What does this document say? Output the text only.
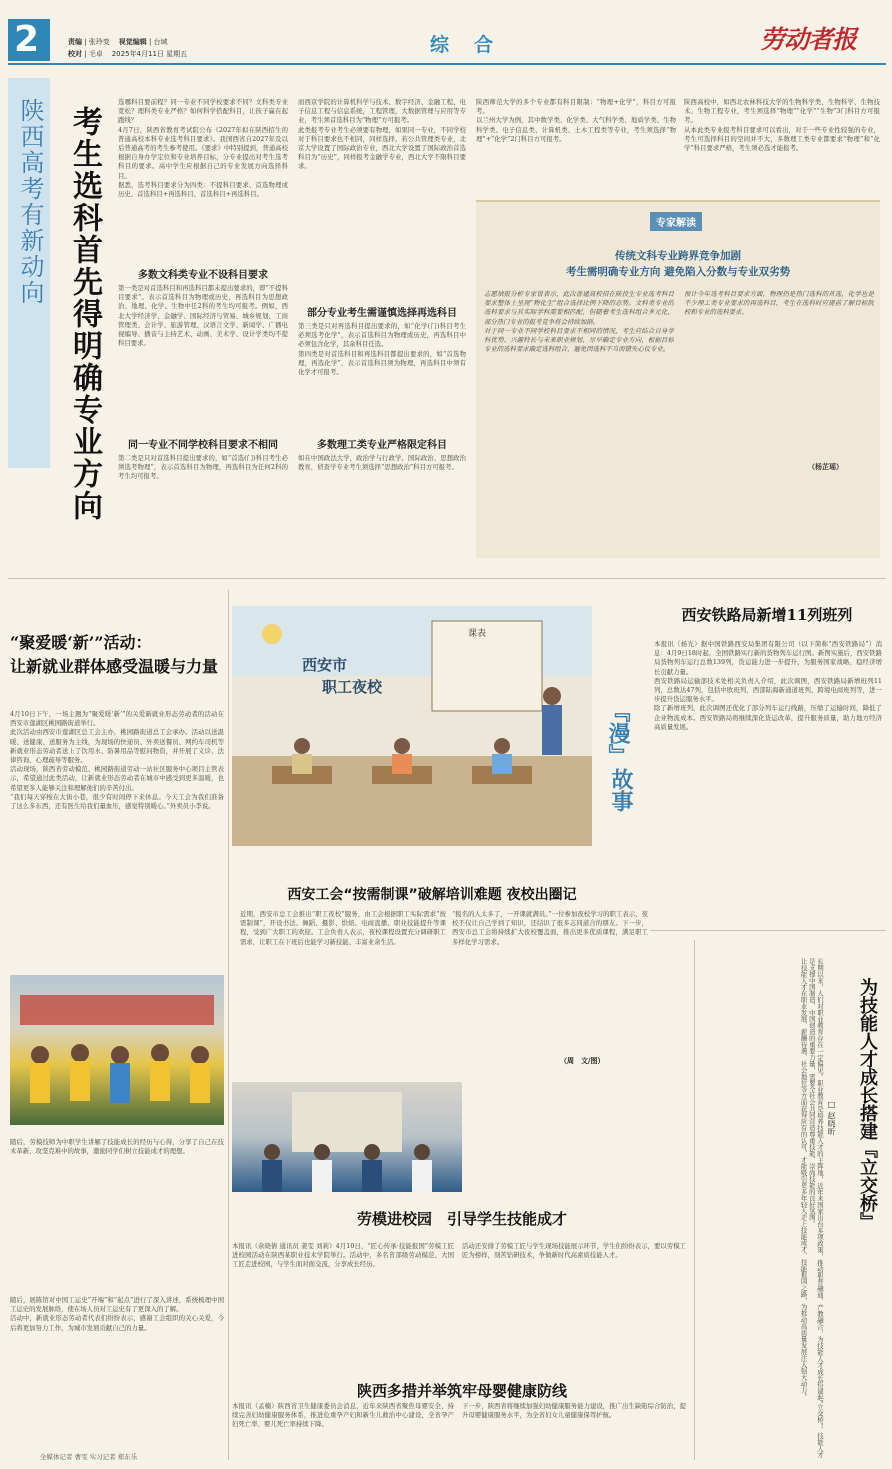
2	责编 | 张玲变 视觉编辑 | 台域
校对 | 毛卓 2025年4月11日 星期五	综　合	劳动者报
陕西高考有新动向 考生选科首先得明确专业方向

选哪科目要前程？同一专业不同学校要求不同？文科类专业宽松？理科类专业严格？如何科学搭配科目，让孩子赢在起跑线？

4月7日，陕西省教育考试院公布《2027年拟在陕西招生的普通高校本科专业选考科目要求》。我国西省自2027年及以后普通高考的考生参考使用。《要求》中特别提到，普通高校根据自身办学定位和专业培养目标，分专业提出对考生选考科目的要求。高中学生应根据自己的专业发展方向选择科目。

据悉，选考科目要求分为四类：不提科目要求、首选物理或历史、首选科目+再选科目、首选科目+再选科目。

多数文科类专业不设科目要求

第一类是对首选科目和再选科目都未提出要求的，即“不提科目要求”。表示首选科目为物理或历史，再选科目为思想政治、地理、化学、生物中任2科的考生均可报考。例如，西北大学经济学、金融学、国际经济与贸易、城乡规划、工商管理类、会计学、旅游管理、汉语言文学、新闻学、广播电视编导、播音与主持艺术、动画、美术学、设计学类均不提科目要求。

同一专业不同学校科目要求不相同

第二类是只对首选科目提出要求的，如“首选(门)科目考生必须选考物理”，表示首选科目为物理，再选科目为任何2科的考生均可报考。

而西京学院的计算机科学与技术、数字经济、金融工程、电子信息工程与信息系统，工程管理，大数据管理与应用等专业，考生须首选科目为“物理”方可报考。

此类报考专业考生必须要有物理，如果同一专业，不同学校对于科目要求也不相同，同样选择，若公共管理类专业，北京大学设置了国际政治专业，西北大学设置了国际政治首选科目为“历史”，同样报考金融学专业，西北大学不限科目要求。

部分专业考生需谨慎选择再选科目

第三类是只对再选科目提出要求的，如“化学(门)科目考生必须选考化学”，表示首选科目为物理或历史，再选科目中必须包含化学，其余科目任选。

第四类是对首选科目和再选科目都提出要求的，如“首选物理，再选化学”，表示首选科目须为物理，再选科目中须有化学才可报考。

多数理工类专业严格限定科目

如在中国政法大学，政治学与行政学、国际政治、思想政治教育，侦查学专业考生须选择“思想政治”科目方可报考。

陕西师范大学的多个专业都有科目限制：“物理+化学”，科目方可报考。

以兰州大学为例，其中数学类、化学类、大气科学类、地质学类、生物科学类、电子信息类、计算机类、土木工程类等专业，考生须选择“物理”+“化学”2门科目方可报考。

陕西高校中，如西北农林科技大学的生物科学类、生物科学、生物技术、生物工程专业，考生须选择“物理”“化学”“生物”3门科目方可报考。

从本此类专业报考科目要求可以看出，对于一些专业性较强的专业，考生可选择科目的空间并不大，多数理工类专业都要求“物理”和“化学”科目要求严格，考生须必选才能报考。

专家解读
传统文科专业跨界竞争加剧
考生需明确专业方向 避免陷入分数与专业双劣势

志愿填报分析专家曾表示，此次普通高校招在陕投生专业选考科目要求整体上呈现“物化生”组合选择比例下降的态势。文科类专业的选科要求与其实际学科需要相匹配，但随着考生选科组合多元化，部分热门专业的报考竞争将会持续加剧。

对于同一专业不同学校科目要求不相同的情况，考生应结合自身学科优势、兴趣特长与未来职业规划，尽早确定专业方向，根据目标专业的选科要求确定选科组合，避免因选科不当而错失心仪专业。

预计今年选考科目要求方面，物理仍是热门选科的首选，化学也是不少理工类专业要求的再选科目，考生在选科时应提前了解目标院校和专业的选科要求。

（杨芷瑶）
“聚爱暖‘新’”活动：
让新就业群体感受温暖与力量

4月10日下午，一场主题为“聚爱暖‘新’”的关爱新就业形态劳动者的活动在西安市莲湖区桃园路街道举行。

此次活动由西安市莲湖区总工会主办，桃园路街道总工会承办。活动以送温暖、送健康、送服务为主线，为现场的快递员、外卖送餐员、网约车司机等新就业形态劳动者送上了饮用水、防暑用品等慰问物资，并开展了义诊、法律咨询、心理疏导等服务。

活动现场，陕西省劳动模范、桃园路街道劳动一站社区服务中心项目主管表示，希望通过此类活动，让新就业形态劳动者在城市中感受到更多温暖，也希望更多人能够关注和理解他们的辛苦付出。

“我们每天穿梭在大街小巷，很少有时间停下来休息。今天工会为我们准备了这么多东西，还有医生给我们量血压，感觉特别暖心。”外卖员小李说。

西安市
职工夜校
课表
『漫』
故事
西安工会“按需制课”破解培训难题 夜校出圈记

近期，西安市总工会推出“职工夜校”服务，由工会根据职工实际需求“按需制课”，开设书法、舞蹈、摄影、烘焙、电商直播、职业技能提升等课程，受到广大职工的欢迎。工会负责人表示，夜校课程设置充分调研职工需求，让职工在下班后也能学习新技能、丰富业余生活。

“报名的人太多了，一开课就满员。”一位参加夜校学习的职工表示，夜校不仅让自己学到了知识，还结识了很多志同道合的朋友。下一步，西安市总工会将持续扩大夜校覆盖面，推出更多优质课程，满足职工多样化学习需求。

（周　文/图）
西安铁路局新增11列班列

本报讯（杨光）据中国铁路西安局集团有限公司（以下简称“西安铁路局”）消息：4月9日18时起，全国铁路实行新的货物列车运行图。新图实施后，西安铁路局货物列车运行总数139列，货运能力进一步提升，为服务国家战略、稳经济增长贡献力量。

西安铁路局运输部技术处相关负责人介绍，此次调图，西安铁路局新增班列11列，总数达47列，包括中欧班列、西部陆海新通道班列、跨境电商班列等，进一步提升货运服务水平。

除了新增班列，此次调图还优化了部分列车运行线路，压缩了运输时间，降低了企业物流成本。西安铁路局将继续深化货运改革，提升服务质量，助力地方经济高质量发展。

为技能人才成长搭建『立交桥』
□ 赵晓昕

长期以来，人们对职业教育存在一定偏见。职业教育是培养技能人才的主阵地，近年来国家出台多项政策，推动职普融通、产教融合，为技能人才成长搭建起“立交桥”。技能人才是支撑中国制造、中国创造的重要力量，需要全社会共同营造尊重技能、崇尚技能的良好氛围。

让技能人才在职业发展、薪酬待遇、社会地位等方面获得应有的认可，才能吸引更多年轻人走上技能成才、技能报国之路，为推动高质量发展注入强大动力。

劳模进校园　引导学生技能成才

随后，劳模技师为中职学生讲解了技能成长的经历与心得，分享了自己在技术革新、攻坚克难中的故事，激励同学们树立技能成才的理想。

本报讯（余晓倩 通讯员 姜雯 刘莉）4月10日，“匠心传承·技能报国”劳模工匠进校园活动在陕西某职业技术学院举行。活动中，多名省部级劳动模范、大国工匠走进校园，与学生面对面交流，分享成长经历。

活动还安排了劳模工匠与学生现场技能展示环节，学生们纷纷表示，要以劳模工匠为榜样，刻苦钻研技术，争做新时代高素质技能人才。

陕西多措并举筑牢母婴健康防线

本报讯（孟楠）陕西省卫生健康委员会消息，近年来陕西省聚焦母婴安全，持续完善妇幼健康服务体系，推进危重孕产妇和新生儿救治中心建设，全省孕产妇死亡率、婴儿死亡率持续下降。

下一步，陕西省将继续加强妇幼健康服务能力建设，推广出生缺陷综合防治，提升母婴健康服务水平，为全省妇女儿童健康保驾护航。

随后，展陈馆对中国工运史“开端”和“起点”进行了深入讲述，系统梳理中国工运史的发展脉络，使在场人员对工运史有了更深入的了解。

活动中，新就业形态劳动者代表们纷纷表示，感谢工会组织的关心关爱，今后将更加努力工作，为城市发展贡献自己的力量。

全媒体记者 曹雯 实习记者 郑东乐
